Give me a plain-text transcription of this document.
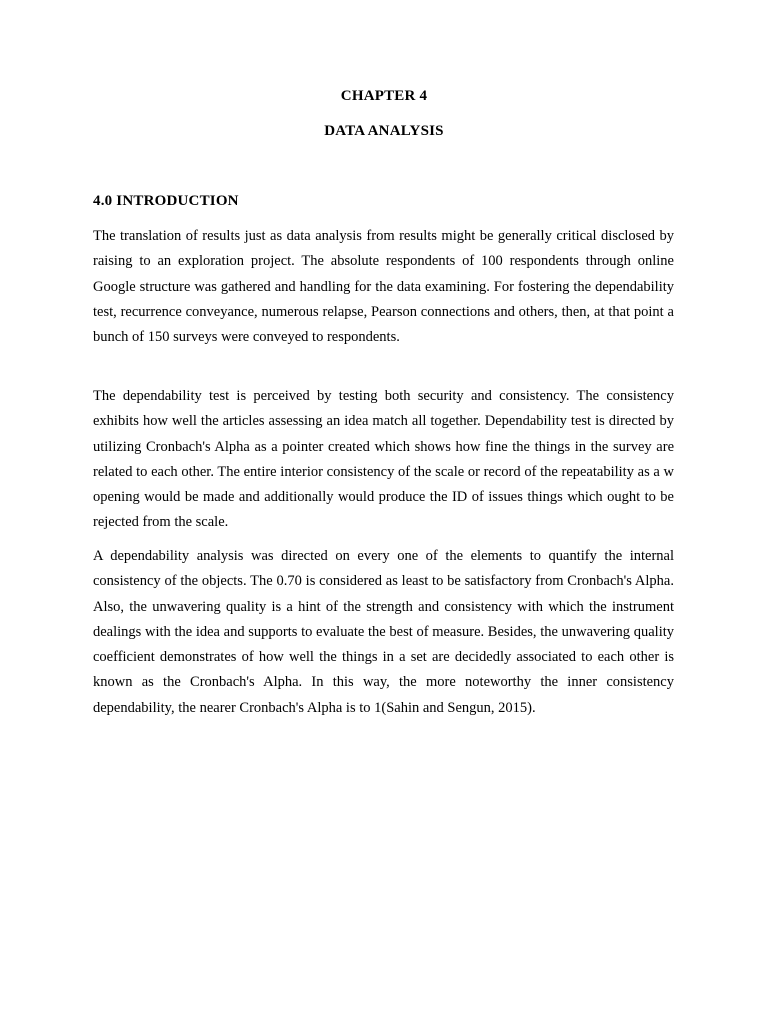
CHAPTER 4
DATA ANALYSIS
4.0 INTRODUCTION

The translation of results just as data analysis from results might be generally critical disclosed by raising to an exploration project. The absolute respondents of 100 respondents through online Google structure was gathered and handling for the data examining. For fostering the dependability test, recurrence conveyance, numerous relapse, Pearson connections and others, then, at that point a bunch of 150 surveys were conveyed to respondents.

The dependability test is perceived by testing both security and consistency. The consistency exhibits how well the articles assessing an idea match all together. Dependability test is directed by utilizing Cronbach's Alpha as a pointer created which shows how fine the things in the survey are related to each other. The entire interior consistency of the scale or record of the repeatability as a w opening would be made and additionally would produce the ID of issues things which ought to be rejected from the scale.

A dependability analysis was directed on every one of the elements to quantify the internal consistency of the objects. The 0.70 is considered as least to be satisfactory from Cronbach's Alpha. Also, the unwavering quality is a hint of the strength and consistency with which the instrument dealings with the idea and supports to evaluate the best of measure. Besides, the unwavering quality coefficient demonstrates of how well the things in a set are decidedly associated to each other is known as the Cronbach's Alpha. In this way, the more noteworthy the inner consistency dependability, the nearer Cronbach's Alpha is to 1(Sahin and Sengun, 2015).
